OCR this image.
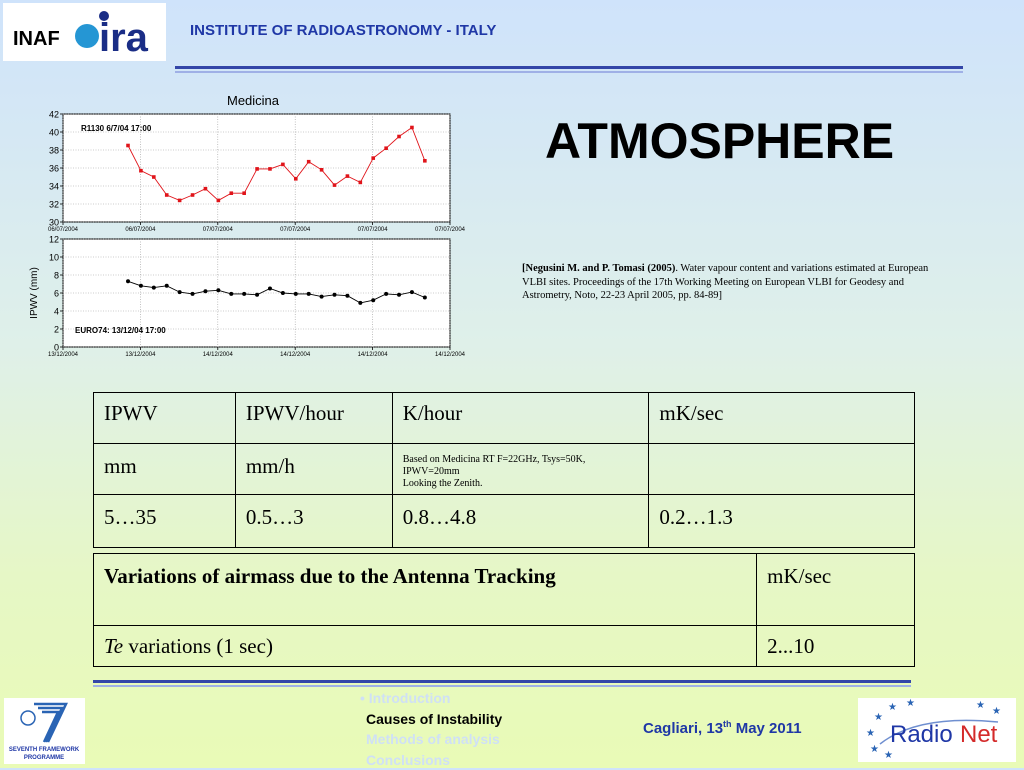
INAF ira	INSTITUTE OF RADIOASTRONOMY - ITALY
Medicina
30
32
34
36
38
40
42
06/07/2004	06/07/2004	07/07/2004	07/07/2004	07/07/2004	07/07/2004
R1130 6/7/04 17:00
0
2
4
6
8
10
12
13/12/2004	13/12/2004	14/12/2004	14/12/2004	14/12/2004	14/12/2004
EURO74: 13/12/04 17:00
IPWV (mm)
ATMOSPHERE
[Negusini M. and P. Tomasi (2005). Water vapour content and variations estimated at European VLBI sites. Proceedings of the 17th Working Meeting on European VLBI for Geodesy and Astrometry, Noto, 22-23 April 2005, pp. 84-89]
IPWV	IPWV/hour	K/hour	mK/sec
mm	mm/h	Based on Medicina RT F=22GHz, Tsys=50K,
IPWV=20mm
Looking the Zenith.	

5…35	0.5…3	0.8…4.8	0.2…1.3
Variations of airmass due to the Antenna Tracking	mK/sec
Te variations (1 sec)	2...10
SEVENTH FRAMEWORK
PROGRAMME
• Introduction
Causes of Instability
Methods of analysis
Conclusions
Cagliari, 13th May 2011
★
★ ★
★
★
★
★
★
Radio Net
